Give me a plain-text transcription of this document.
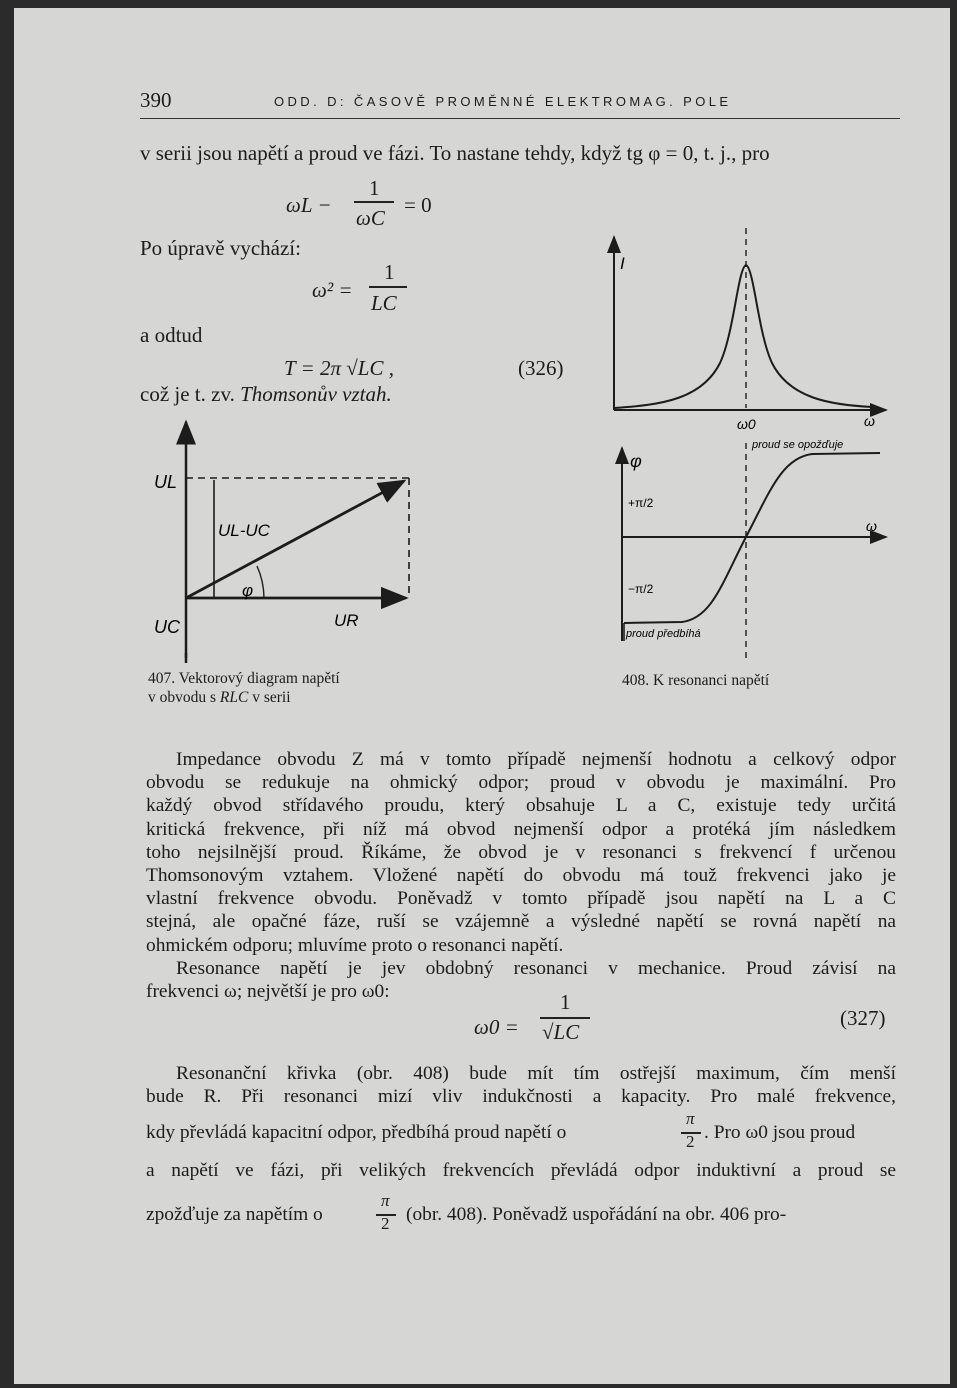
390	ODD. D: ČASOVĚ PROMĚNNÉ ELEKTROMAG. POLE
v serii jsou napětí a proud ve fázi. To nastane tehdy, když tg φ = 0, t. j., pro
ωL −
1
ωC
= 0
Po úpravě vychází:
ω² =
1
LC
a odtud
T = 2π √LC ,	(326)
což je t. zv. Thomsonův vztah.
UL
UC
UL-UC
φ
UR
407. Vektorový diagram napětí
v obvodu s RLC v serii
I
ω0	ω
proud se opožďuje
φ
+π/2
−π/2
ω
proud předbíhá
408. K resonanci napětí
Impedance obvodu Z má v tomto případě nejmenší hodnotu a celkový odpor
obvodu se redukuje na ohmický odpor; proud v obvodu je maximální. Pro
každý obvod střídavého proudu, který obsahuje L a C, existuje tedy určitá
kritická frekvence, při níž má obvod nejmenší odpor a protéká jím následkem
toho nejsilnější proud. Říkáme, že obvod je v resonanci s frekvencí f určenou
Thomsonovým vztahem. Vložené napětí do obvodu má touž frekvenci jako je
vlastní frekvence obvodu. Poněvadž v tomto případě jsou napětí na L a C
stejná, ale opačné fáze, ruší se vzájemně a výsledné napětí se rovná napětí na
ohmickém odporu; mluvíme proto o resonanci napětí.
Resonance napětí je jev obdobný resonanci v mechanice. Proud závisí na
frekvenci ω; největší je pro ω0:
ω0 =
1
√LC
(327)
Resonanční křivka (obr. 408) bude mít tím ostřejší maximum, čím menší
bude R. Při resonanci mizí vliv indukčnosti a kapacity. Pro malé frekvence,
kdy převládá kapacitní odpor, předbíhá proud napětí o
π
2 . Pro ω0 jsou proud
a napětí ve fázi, při velikých frekvencích převládá odpor induktivní a proud se
zpožďuje za napětím o
π
2 (obr. 408). Poněvadž uspořádání na obr. 406 pro-
